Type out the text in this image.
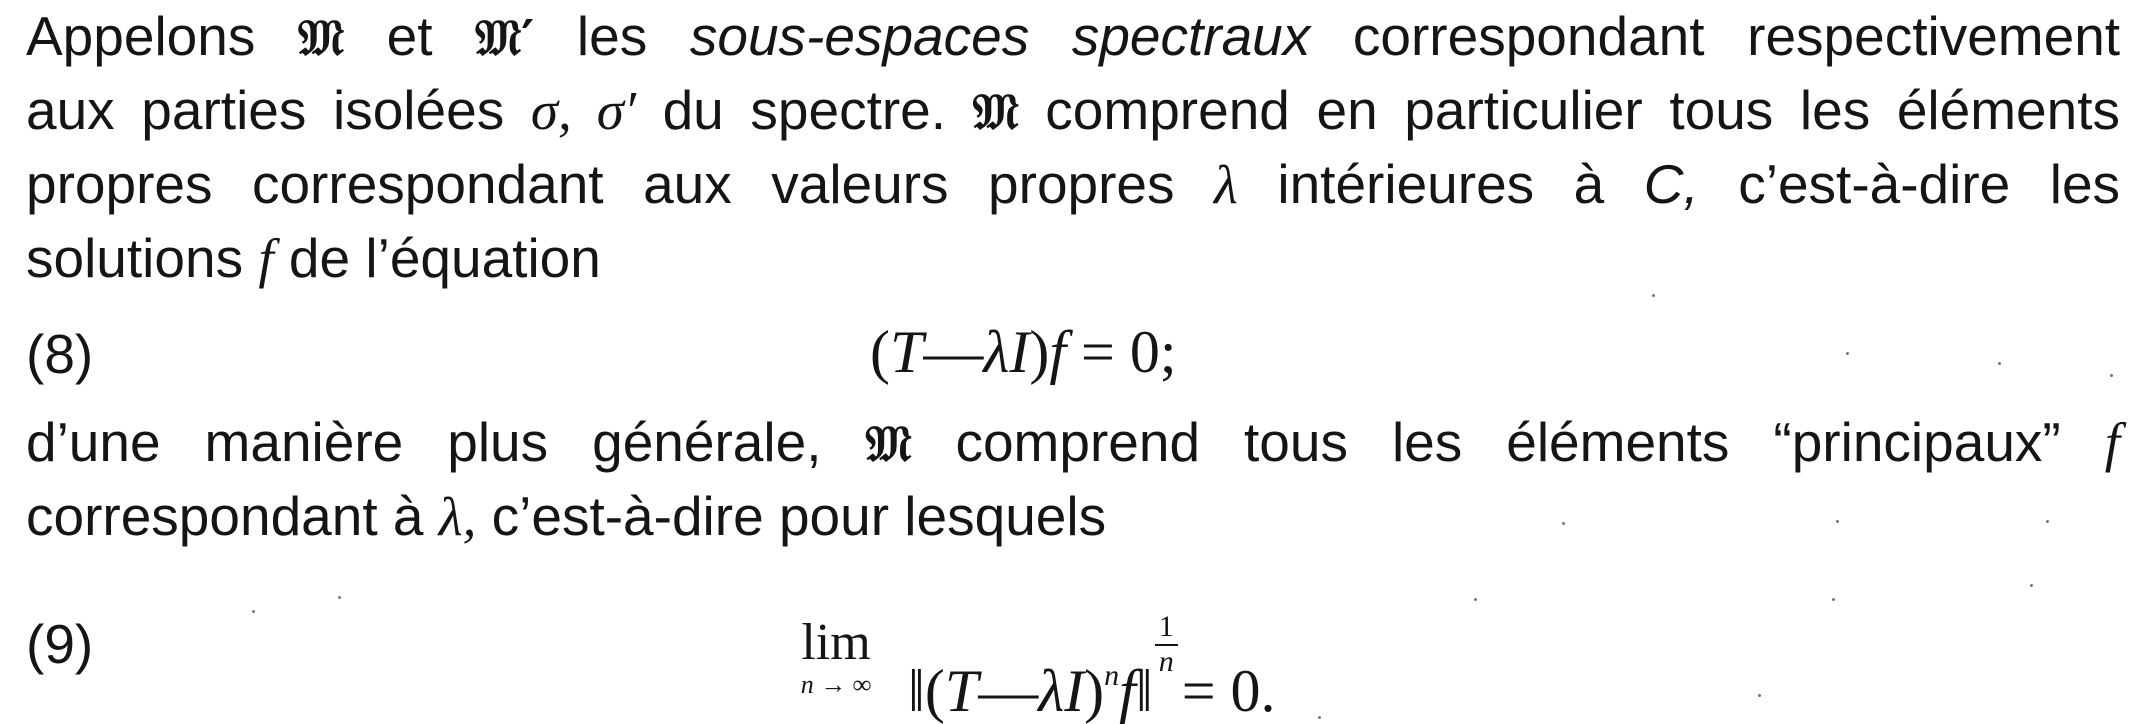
Appelons 𝔐 et 𝔐′ les sous-espaces spectraux correspondant respectivement
aux parties isolées σ, σ′ du spectre. 𝔐 comprend en particulier tous les éléments
propres correspondant aux valeurs propres λ intérieures à C, c’est-à-dire les
solutions f de l’équation
(8)	(T—λI)f = 0;
d’une manière plus générale, 𝔐 comprend tous les éléments “principaux” f
correspondant à λ, c’est-à-dire pour lesquels
(9)	lim
n → ∞ ‖(T—λI)$^n$f‖
$\frac{1}{n}$
= 0.
